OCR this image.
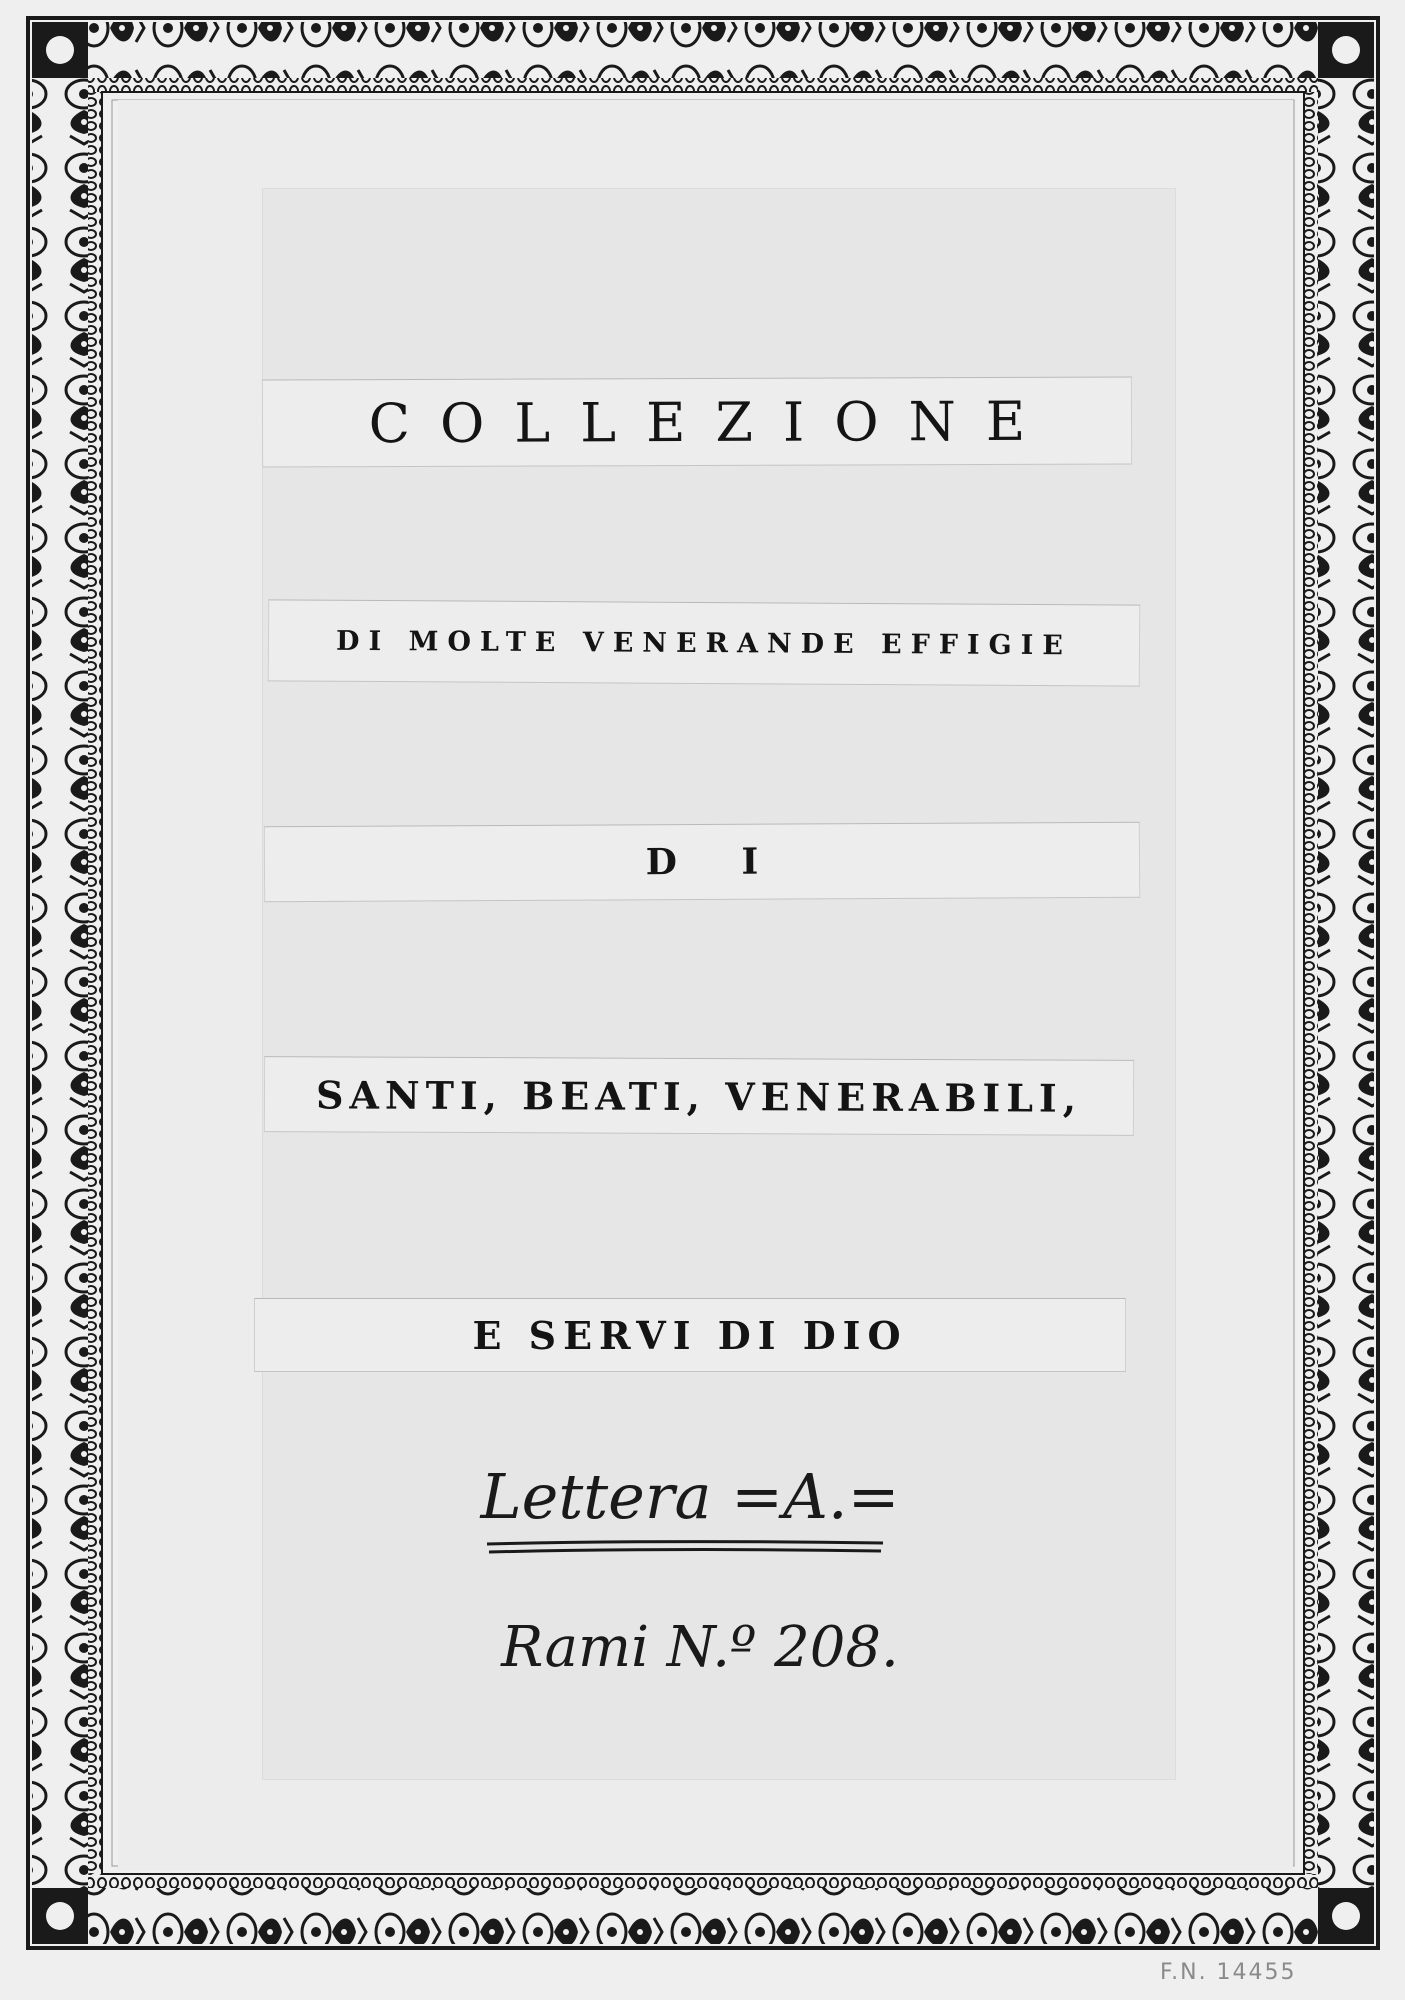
COLLEZIONE
DI MOLTE VENERANDE EFFIGIE
D I
SANTI, BEATI, VENERABILI,
E SERVI DI DIO
Lettera =A.=
Rami N.º 208.
F.N. 14455
